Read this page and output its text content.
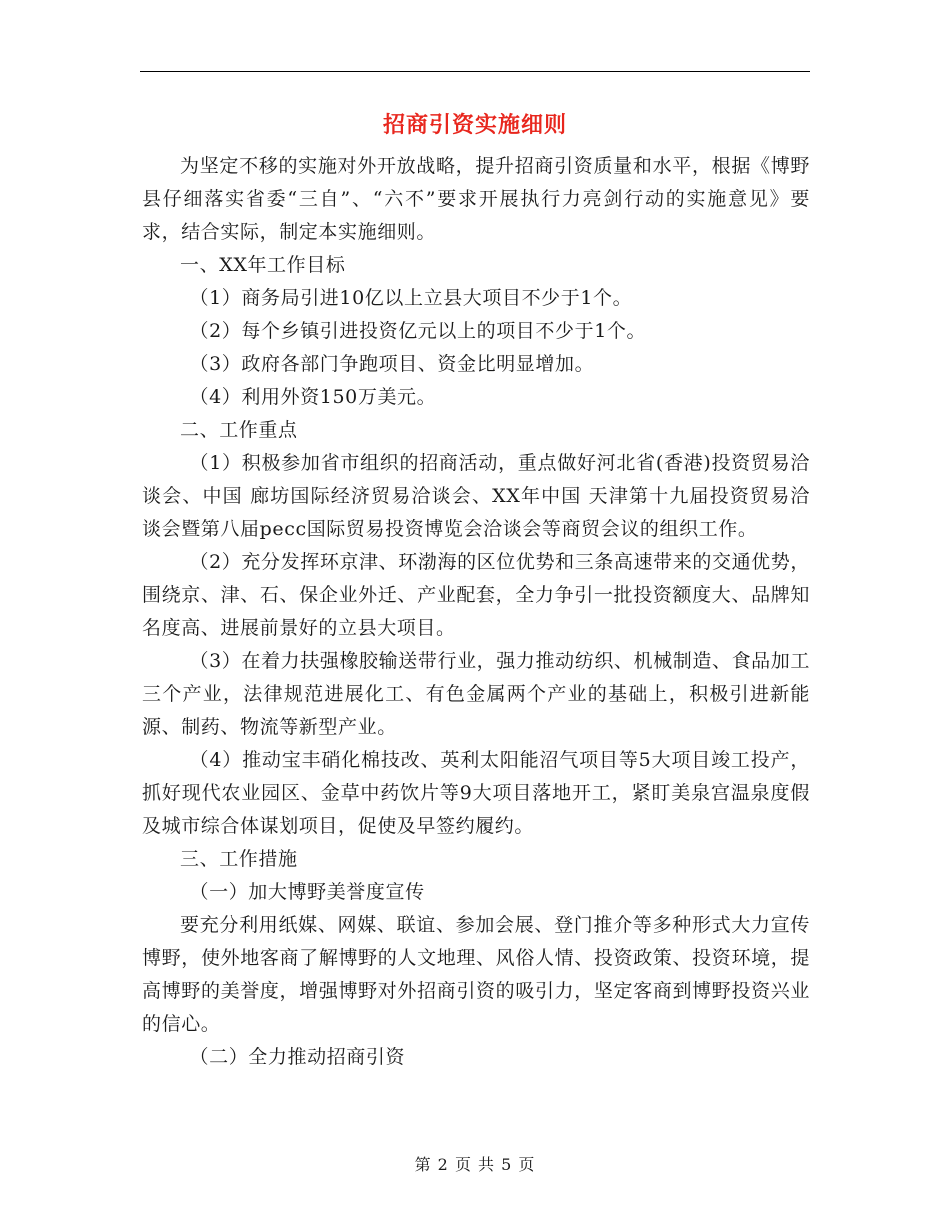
招商引资实施细则

为坚定不移的实施对外开放战略，提升招商引资质量和水平，根据《博野县仔细落实省委“三自”、“六不”要求开展执行力亮剑行动的实施意见》要求，结合实际，制定本实施细则。

一、XX年工作目标

（1）商务局引进10亿以上立县大项目不少于1个。

（2）每个乡镇引进投资亿元以上的项目不少于1个。

（3）政府各部门争跑项目、资金比明显增加。

（4）利用外资150万美元。

二、工作重点

（1）积极参加省市组织的招商活动，重点做好河北省(香港)投资贸易洽谈会、中国 廊坊国际经济贸易洽谈会、XX年中国 天津第十九届投资贸易洽谈会暨第八届pecc国际贸易投资博览会洽谈会等商贸会议的组织工作。

（2）充分发挥环京津、环渤海的区位优势和三条高速带来的交通优势，围绕京、津、石、保企业外迁、产业配套，全力争引一批投资额度大、品牌知名度高、进展前景好的立县大项目。

（3）在着力扶强橡胶输送带行业，强力推动纺织、机械制造、食品加工三个产业，法律规范进展化工、有色金属两个产业的基础上，积极引进新能源、制药、物流等新型产业。

（4）推动宝丰硝化棉技改、英利太阳能沼气项目等5大项目竣工投产，抓好现代农业园区、金草中药饮片等9大项目落地开工，紧盯美泉宫温泉度假及城市综合体谋划项目，促使及早签约履约。

三、工作措施

（一）加大博野美誉度宣传

要充分利用纸媒、网媒、联谊、参加会展、登门推介等多种形式大力宣传博野，使外地客商了解博野的人文地理、风俗人情、投资政策、投资环境，提高博野的美誉度，增强博野对外招商引资的吸引力，坚定客商到博野投资兴业的信心。

（二）全力推动招商引资

第 2 页 共 5 页
